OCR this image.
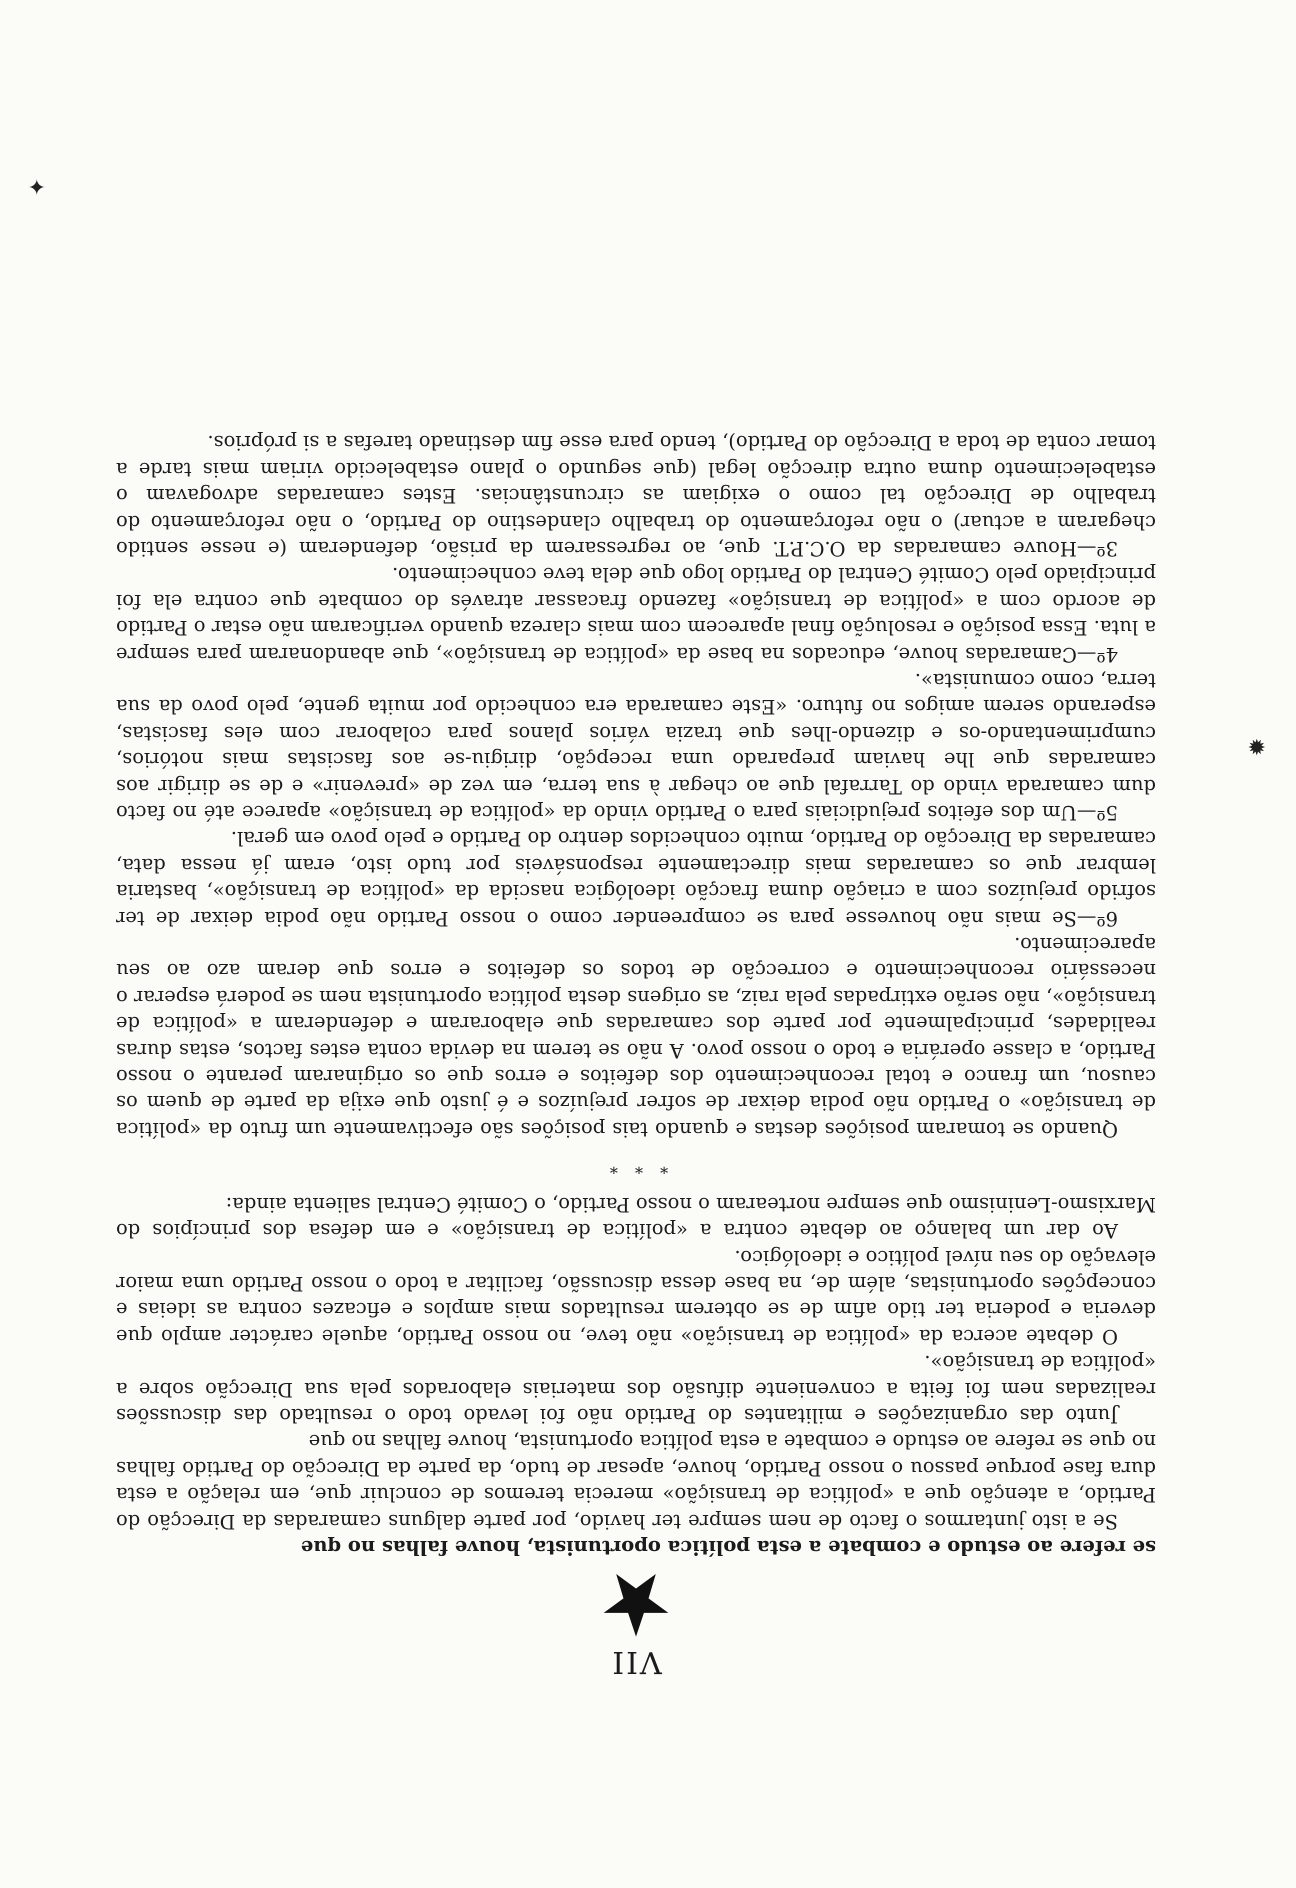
VII

se refere ao estudo e combate a esta política oportunista, houve falhas no que

Se a isto juntarmos o facto de nem sempre ter havido, por parte dalguns camaradas da Direcção do Partido, a atenção que a «política de transição» merecia teremos de concluir que, em relação a esta dura fase porque passou o nosso Partido, houve, apesar de tudo, da parte da Direcção do Partido falhas no que se refere ao estudo e combate a esta política oportunista, houve falhas no que

Junto das organizações e militantes do Partido não foi levado todo o resultado das discussões realizadas nem foi feita a conveniente difusão dos materiais elaborados pela sua Direcção sobre a «política de transição».

O debate acerca da «política de transição» não teve, no nosso Partido, aquele carácter amplo que deveria e poderia ter tido afim de se obterem resultados mais amplos e eficazes contra as ideias e concepções oportunistas, além de, na base dessa discussão, facilitar a todo o nosso Partido uma maior elevação do seu nível político e ideológico.

Ao dar um balanço ao debate contra a «política de transição» e em defesa dos princípios do Marxismo-Leninismo que sempre nortearam o nosso Partido, o Comité Central salienta ainda:

* * *

Quando se tomaram posições destas e quando tais posições são efectivamente um fruto da «política de transição» o Partido não podia deixar de sofrer prejuízos e é justo que exija da parte de quem os causou, um franco e total reconhecimento dos defeitos e erros que os originaram perante o nosso Partido, a classe operária e todo o nosso povo. A não se terem na devida conta estes factos, estas duras realidades, principalmente por parte dos camaradas que elaboraram e defenderam a «política de transição», não serão extirpadas pela raiz, as origens desta política oportunista nem se poderá esperar o necessário reconhecimento e correcção de todos os defeitos e erros que deram azo ao seu aparecimento.

6º—Se mais não houvesse para se compreender como o nosso Partido não podia deixar de ter sofrido prejuízos com a criação duma fracção ideológica nascida da «política de transição», bastaria lembrar que os camaradas mais directamente responsáveis por tudo isto, eram já nessa data, camaradas da Direcção do Partido, muito conhecidos dentro do Partido e pelo povo em geral.

5º—Um dos efeitos prejudiciais para o Partido vindo da «política de transição» aparece até no facto dum camarada vindo do Tarrafal que ao chegar à sua terra, em vez de «prevenir» e de se dirigir aos camaradas que lhe haviam preparado uma recepção, dirigiu-se aos fascistas mais notórios, cumprimentando-os e dizendo-lhes que trazia vários planos para colaborar com eles fascistas, esperando serem amigos no futuro. «Este camarada era conhecido por muita gente, pelo povo da sua terra, como comunista».

4º—Camaradas houve, educados na base da «política de transição», que abandonaram para sempre a luta. Essa posição e resolução final aparecem com mais clareza quando verificaram não estar o Partido de acordo com a «política de transição» fazendo fracassar através do combate que contra ela foi principiado pelo Comité Central do Partido logo que dela teve conhecimento.

3º—Houve camaradas da O.C.P.T. que, ao regressarem da prisão, defenderam (e nesse sentido chegaram a actuar) o não reforçamento do trabalho clandestino do Partido, o não reforçamento do trabalho de Direcção tal como o exigiam as circunstâncias. Estes camaradas advogavam o estabelecimento duma outra direcção legal (que segundo o plano estabelecido viriam mais tarde a tomar conta de toda a Direcção do Partido), tendo para esse fim destinado tarefas a si próprios.

✦
✹
